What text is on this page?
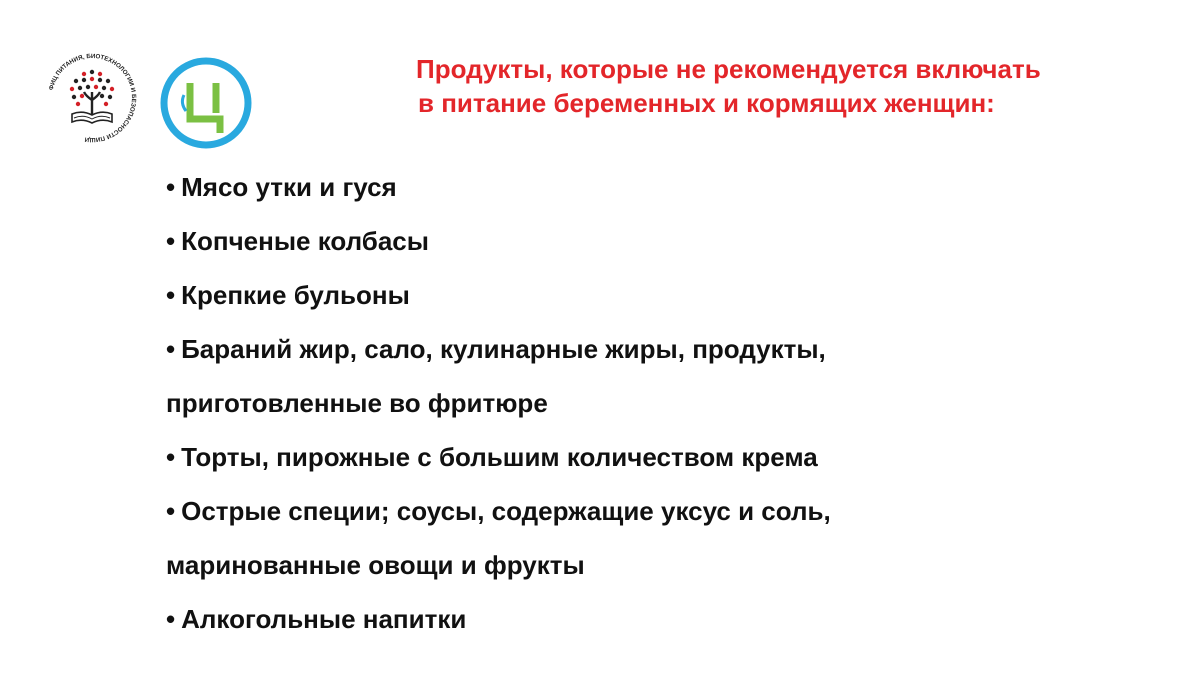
ФИЦ ПИТАНИЯ, БИОТЕХНОЛОГИИ И БЕЗОПАСНОСТИ ПИЩИ
Продукты, которые не рекомендуется включать
в питание беременных и кормящих женщин:
• Мясо утки и гуся
• Копченые колбасы
• Крепкие бульоны
• Бараний жир, сало, кулинарные жиры, продукты,
приготовленные во фритюре
• Торты, пирожные с большим количеством крема
• Острые специи; соусы, содержащие уксус и соль,
маринованные овощи и фрукты
• Алкогольные напитки
